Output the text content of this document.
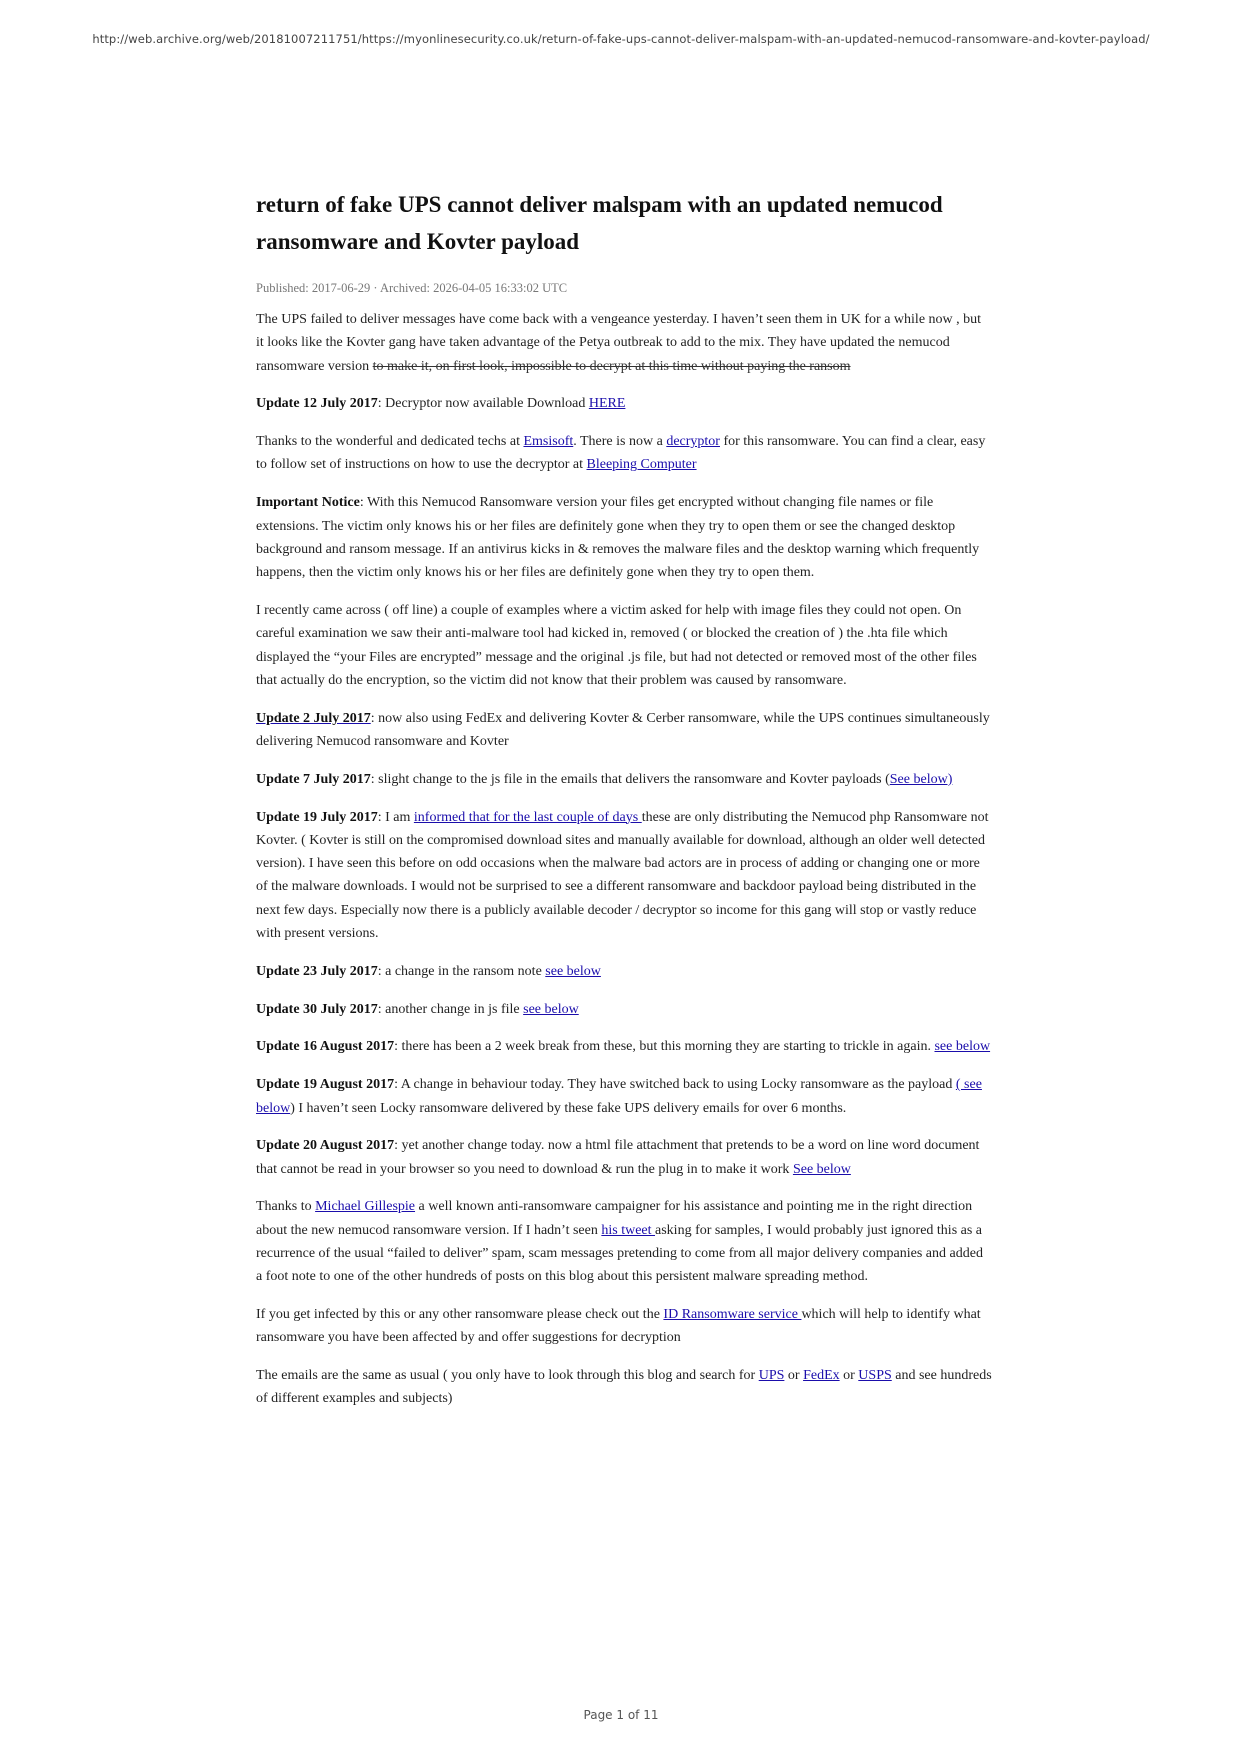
http://web.archive.org/web/20181007211751/https://myonlinesecurity.co.uk/return-of-fake-ups-cannot-deliver-malspam-with-an-updated-nemucod-ransomware-and-kovter-payload/
return of fake UPS cannot deliver malspam with an updated nemucod ransomware and Kovter payload
Published: 2017-06-29 · Archived: 2026-04-05 16:33:02 UTC

The UPS failed to deliver messages have come back with a vengeance yesterday. I haven’t seen them in UK for a while now , but it looks like the Kovter gang have taken advantage of the Petya outbreak to add to the mix. They have updated the nemucod ransomware version to make it, on first look, impossible to decrypt at this time without paying the ransom

Update 12 July 2017: Decryptor now available Download HERE

Thanks to the wonderful and dedicated techs at Emsisoft. There is now a decryptor for this ransomware. You can find a clear, easy to follow set of instructions on how to use the decryptor at Bleeping Computer

Important Notice: With this Nemucod Ransomware version your files get encrypted without changing file names or file extensions. The victim only knows his or her files are definitely gone when they try to open them or see the changed desktop background and ransom message. If an antivirus kicks in & removes the malware files and the desktop warning which frequently happens, then the victim only knows his or her files are definitely gone when they try to open them.

I recently came across ( off line) a couple of examples where a victim asked for help with image files they could not open. On careful examination we saw their anti-malware tool had kicked in, removed ( or blocked the creation of ) the .hta file which displayed the “your Files are encrypted” message and the original .js file, but had not detected or removed most of the other files that actually do the encryption, so the victim did not know that their problem was caused by ransomware.

Update 2 July 2017: now also using FedEx and delivering Kovter & Cerber ransomware, while the UPS continues simultaneously delivering Nemucod ransomware and Kovter

Update 7 July 2017: slight change to the js file in the emails that delivers the ransomware and Kovter payloads (See below)

Update 19 July 2017: I am informed that for the last couple of days these are only distributing the Nemucod php Ransomware not Kovter. ( Kovter is still on the compromised download sites and manually available for download, although an older well detected version). I have seen this before on odd occasions when the malware bad actors are in process of adding or changing one or more of the malware downloads. I would not be surprised to see a different ransomware and backdoor payload being distributed in the next few days. Especially now there is a publicly available decoder / decryptor so income for this gang will stop or vastly reduce with present versions.

Update 23 July 2017: a change in the ransom note see below

Update 30 July 2017: another change in js file see below

Update 16 August 2017: there has been a 2 week break from these, but this morning they are starting to trickle in again. see below

Update 19 August 2017: A change in behaviour today. They have switched back to using Locky ransomware as the payload ( see below) I haven’t seen Locky ransomware delivered by these fake UPS delivery emails for over 6 months.

Update 20 August 2017: yet another change today. now a html file attachment that pretends to be a word on line word document that cannot be read in your browser so you need to download & run the plug in to make it work See below

Thanks to Michael Gillespie a well known anti-ransomware campaigner for his assistance and pointing me in the right direction about the new nemucod ransomware version. If I hadn’t seen his tweet asking for samples, I would probably just ignored this as a recurrence of the usual “failed to deliver” spam, scam messages pretending to come from all major delivery companies and added a foot note to one of the other hundreds of posts on this blog about this persistent malware spreading method.

If you get infected by this or any other ransomware please check out the ID Ransomware service which will help to identify what ransomware you have been affected by and offer suggestions for decryption

The emails are the same as usual ( you only have to look through this blog and search for UPS or FedEx or USPS and see hundreds of different examples and subjects)

Page 1 of 11
